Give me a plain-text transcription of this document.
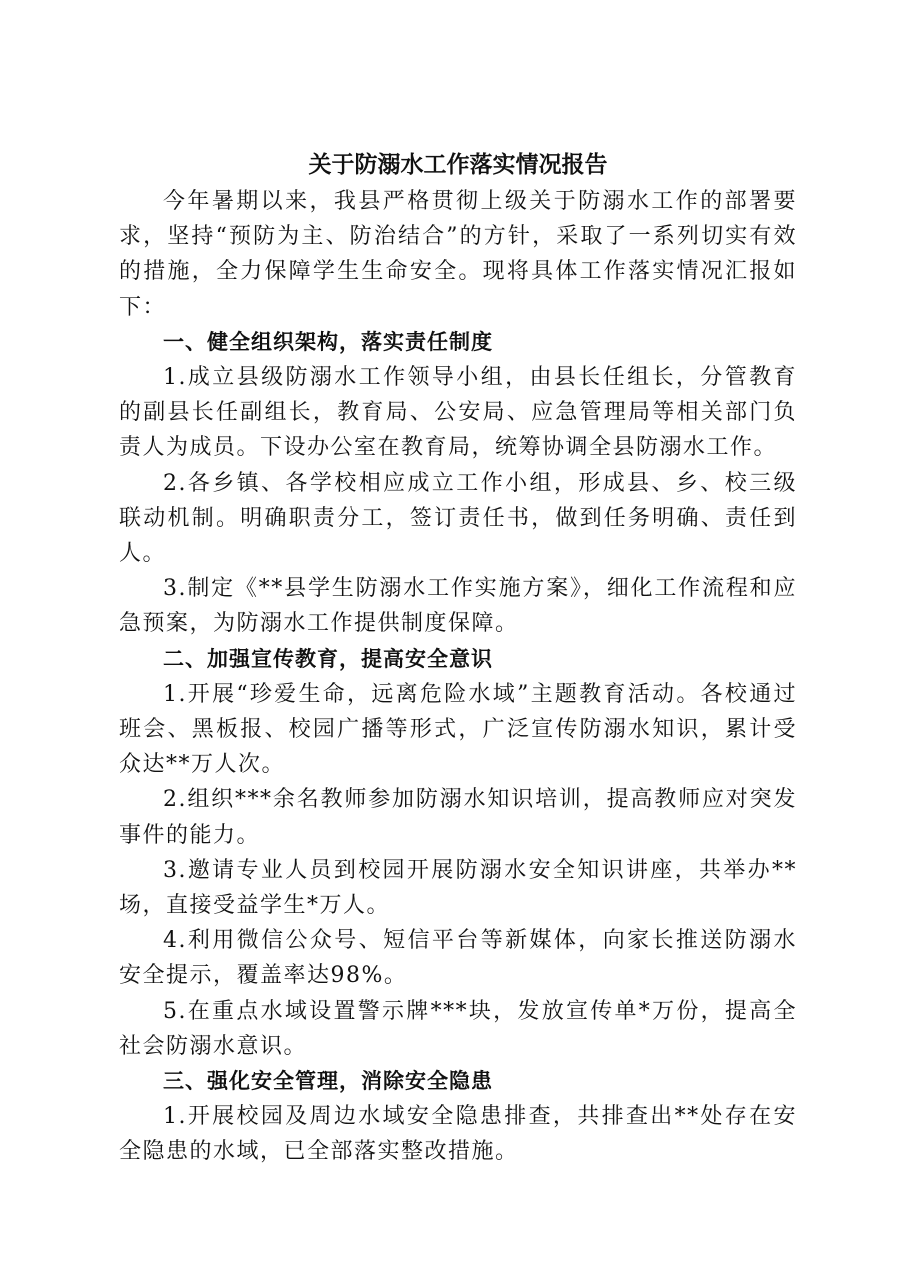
关于防溺水工作落实情况报告

今年暑期以来，我县严格贯彻上级关于防溺水工作的部署要求，坚持“预防为主、防治结合”的方针，采取了一系列切实有效的措施，全力保障学生生命安全。现将具体工作落实情况汇报如下：

一、健全组织架构，落实责任制度

1.成立县级防溺水工作领导小组，由县长任组长，分管教育的副县长任副组长，教育局、公安局、应急管理局等相关部门负责人为成员。下设办公室在教育局，统筹协调全县防溺水工作。

2.各乡镇、各学校相应成立工作小组，形成县、乡、校三级联动机制。明确职责分工，签订责任书，做到任务明确、责任到人。

3.制定《**县学生防溺水工作实施方案》，细化工作流程和应急预案，为防溺水工作提供制度保障。

二、加强宣传教育，提高安全意识

1.开展“珍爱生命，远离危险水域”主题教育活动。各校通过班会、黑板报、校园广播等形式，广泛宣传防溺水知识，累计受众达**万人次。

2.组织***余名教师参加防溺水知识培训，提高教师应对突发事件的能力。

3.邀请专业人员到校园开展防溺水安全知识讲座，共举办**场，直接受益学生*万人。

4.利用微信公众号、短信平台等新媒体，向家长推送防溺水安全提示，覆盖率达98%。

5.在重点水域设置警示牌***块，发放宣传单*万份，提高全社会防溺水意识。

三、强化安全管理，消除安全隐患

1.开展校园及周边水域安全隐患排查，共排查出**处存在安全隐患的水域，已全部落实整改措施。
